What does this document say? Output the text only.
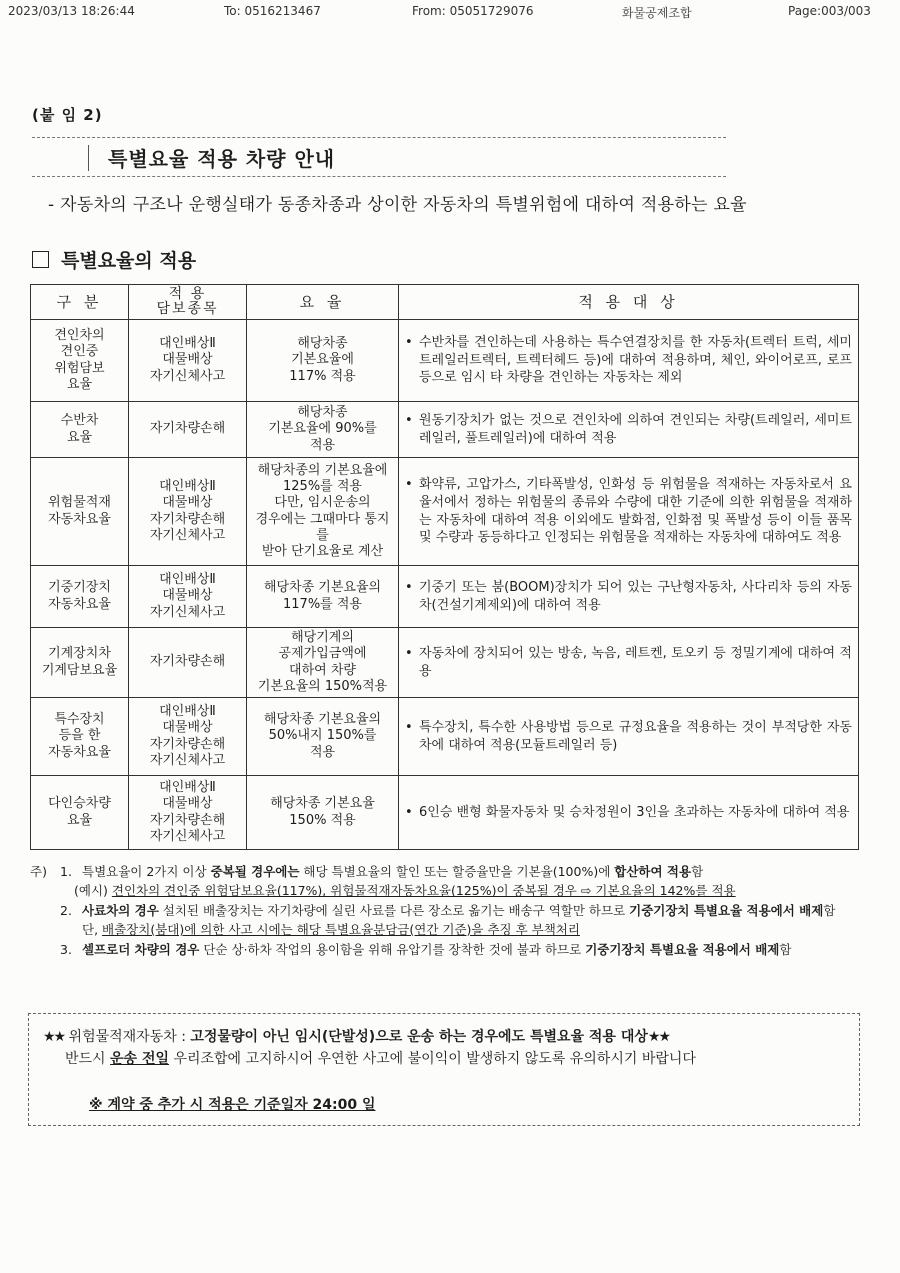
2023/03/13 18:26:44	To: 0516213467	From: 05051729076	화물공제조합	Page:003/003
(붙 임 2)
특별요율 적용 차량 안내
- 자동차의 구조나 운행실태가 동종차종과 상이한 자동차의 특별위험에 대하여 적용하는 요율
특별요율의 적용
구 분	적 용
담보종목	요 율	적 용 대 상
견인차의
견인중
위험담보
요율	대인배상Ⅱ
대물배상
자기신체사고	해당차종
기본요율에
117% 적용	• 수반차를 견인하는데 사용하는 특수연결장치를 한 자동차(트렉터 트럭, 세미트레일러트렉터, 트렉터헤드 등)에 대하여 적용하며, 체인, 와이어로프, 로프 등으로 임시 타 차량을 견인하는 자동차는 제외

수반차
요율	자기차량손해	해당차종
기본요율에 90%를
적용	• 원동기장치가 없는 것으로 견인차에 의하여 견인되는 차량(트레일러, 세미트레일러, 풀트레일러)에 대하여 적용

위험물적재
자동차요율	대인배상Ⅱ
대물배상
자기차량손해
자기신체사고	해당차종의 기본요율에
125%를 적용
다만, 임시운송의
경우에는 그때마다 통지를
받아 단기요율로 계산	• 화약류, 고압가스, 기타폭발성, 인화성 등 위험물을 적재하는 자동차로서 요율서에서 정하는 위험물의 종류와 수량에 대한 기준에 의한 위험물을 적재하는 자동차에 대하여 적용 이외에도 발화점, 인화점 및 폭발성 등이 이들 품목 및 수량과 동등하다고 인정되는 위험물을 적재하는 자동차에 대하여도 적용

기중기장치
자동차요율	대인배상Ⅱ
대물배상
자기신체사고	해당차종 기본요율의
117%를 적용	• 기중기 또는 붐(BOOM)장치가 되어 있는 구난형자동차, 사다리차 등의 자동차(건설기계제외)에 대하여 적용

기계장치차
기계담보요율	자기차량손해	해당기계의
공제가입금액에
대하여 차량
기본요율의 150%적용	• 자동차에 장치되어 있는 방송, 녹음, 레트켄, 토오키 등 정밀기계에 대하여 적용

특수장치
등을 한
자동차요율	대인배상Ⅱ
대물배상
자기차량손해
자기신체사고	해당차종 기본요율의
50%내지 150%를
적용	• 특수장치, 특수한 사용방법 등으로 규정요율을 적용하는 것이 부적당한 자동차에 대하여 적용(모듈트레일러 등)

다인승차량
요율	대인배상Ⅱ
대물배상
자기차량손해
자기신체사고	해당차종 기본요율
150% 적용	• 6인승 밴형 화물자동차 및 승차정원이 3인을 초과하는 자동차에 대하여 적용
주) 1. 특별요율이 2가지 이상 중복될 경우에는 해당 특별요율의 할인 또는 할증율만을 기본율(100%)에 합산하여 적용함
(예시) 견인차의 견인중 위험담보요율(117%), 위험물적재자동차요율(125%)이 중복될 경우 ⇨ 기본요율의 142%를 적용
2. 사료차의 경우 설치된 배출장치는 자기차량에 실린 사료를 다른 장소로 옮기는 배송구 역할만 하므로 기중기장치 특별요율 적용에서 배제함
단, 배출장치(붐대)에 의한 사고 시에는 해당 특별요율분담금(연간 기준)을 추징 후 부책처리
3. 셀프로더 차량의 경우 단순 상·하차 작업의 용이함을 위해 유압기를 장착한 것에 불과 하므로 기중기장치 특별요율 적용에서 배제함
★★ 위험물적재자동차 : 고정물량이 아닌 임시(단발성)으로 운송 하는 경우에도 특별요율 적용 대상★★
반드시 운송 전일 우리조합에 고지하시어 우연한 사고에 불이익이 발생하지 않도록 유의하시기 바랍니다
※ 계약 중 추가 시 적용은 기준일자 24:00 일
